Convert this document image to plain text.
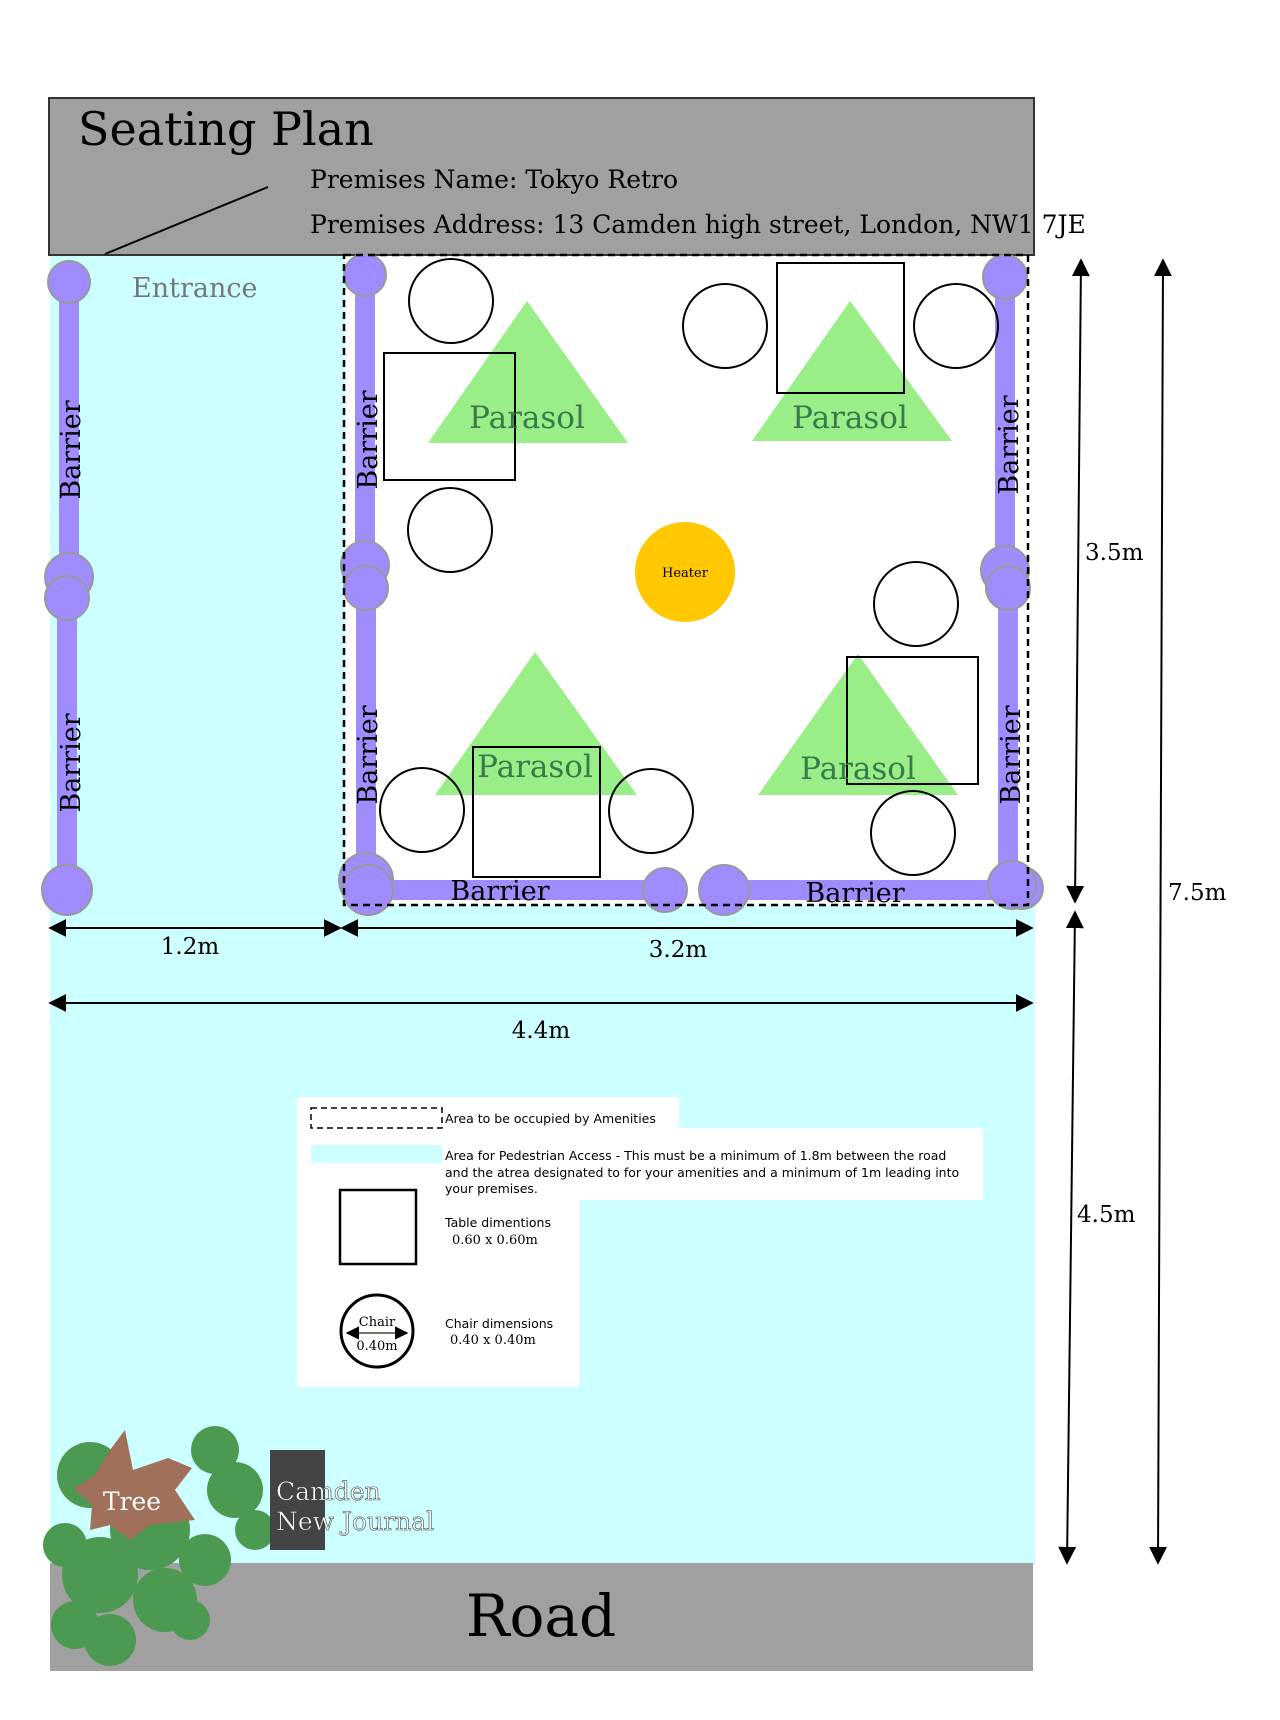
Seating Plan
Premises Name: Tokyo Retro
Premises Address: 13 Camden high street, London, NW1 7JE
Entrance
Barrier
Barrier
Barrier
Barrier
Barrier
Barrier
Barrier	Barrier
Heater
Parasol	Parasol
Parasol	Parasol
1.2m	3.2m
4.4m
3.5m
4.5m
7.5m
Area to be occupied by Amenities
Area for Pedestrian Access - This must be a minimum of 1.8m between the road
and the atrea designated to for your amenities and a minimum of 1m leading into
your premises.
Table dimentions
0.60 x 0.60m
Chair
0.40m
Chair dimensions
0.40 x 0.40m
Road
Tree	Camden
New Journal
